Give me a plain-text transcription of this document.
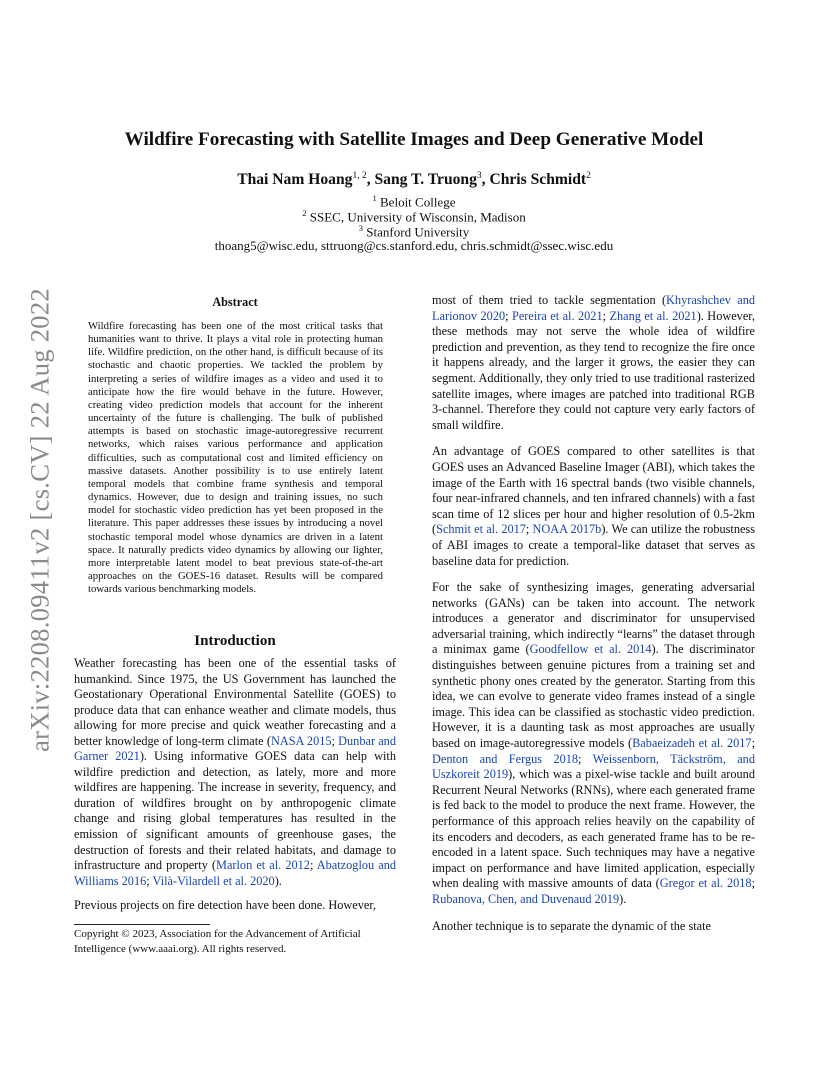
arXiv:2208.09411v2 [cs.CV] 22 Aug 2022
Wildfire Forecasting with Satellite Images and Deep Generative Model
Thai Nam Hoang$^{1, 2}$, Sang T. Truong$^3$, Chris Schmidt$^2$
$^1$ Beloit College
$^2$ SSEC, University of Wisconsin, Madison
$^3$ Stanford University
thoang5@wisc.edu, sttruong@cs.stanford.edu, chris.schmidt@ssec.wisc.edu
Abstract

Wildfire forecasting has been one of the most critical tasks that humanities want to thrive. It plays a vital role in protecting human life. Wildfire prediction, on the other hand, is difficult because of its stochastic and chaotic properties. We tackled the problem by interpreting a series of wildfire images as a video and used it to anticipate how the fire would behave in the future. However, creating video prediction models that account for the inherent uncertainty of the future is challenging. The bulk of published attempts is based on stochastic image-autoregressive recurrent networks, which raises various performance and application difficulties, such as computational cost and limited efficiency on massive datasets. Another possibility is to use entirely latent temporal models that combine frame synthesis and temporal dynamics. However, due to design and training issues, no such model for stochastic video prediction has yet been proposed in the literature. This paper addresses these issues by introducing a novel stochastic temporal model whose dynamics are driven in a latent space. It naturally predicts video dynamics by allowing our lighter, more interpretable latent model to beat previous state-of-the-art approaches on the GOES-16 dataset. Results will be compared towards various benchmarking models.

Introduction

Weather forecasting has been one of the essential tasks of humankind. Since 1975, the US Government has launched the Geostationary Operational Environmental Satellite (GOES) to produce data that can enhance weather and climate models, thus allowing for more precise and quick weather forecasting and a better knowledge of long-term climate (NASA 2015; Dunbar and Garner 2021). Using informative GOES data can help with wildfire prediction and detection, as lately, more and more wildfires are happening. The increase in severity, frequency, and duration of wildfires brought on by anthropogenic climate change and rising global temperatures has resulted in the emission of significant amounts of greenhouse gases, the destruction of forests and their related habitats, and damage to infrastructure and property (Marlon et al. 2012; Abatzoglou and Williams 2016; Vilà-Vilardell et al. 2020).

Previous projects on fire detection have been done. However,

Copyright © 2023, Association for the Advancement of Artificial Intelligence (www.aaai.org). All rights reserved.

most of them tried to tackle segmentation (Khyrashchev and Larionov 2020; Pereira et al. 2021; Zhang et al. 2021). However, these methods may not serve the whole idea of wildfire prediction and prevention, as they tend to recognize the fire once it happens already, and the larger it grows, the easier they can segment. Additionally, they only tried to use traditional rasterized satellite images, where images are patched into traditional RGB 3-channel. Therefore they could not capture very early factors of small wildfire.

An advantage of GOES compared to other satellites is that GOES uses an Advanced Baseline Imager (ABI), which takes the image of the Earth with 16 spectral bands (two visible channels, four near-infrared channels, and ten infrared channels) with a fast scan time of 12 slices per hour and higher resolution of 0.5-2km (Schmit et al. 2017; NOAA 2017b). We can utilize the robustness of ABI images to create a temporal-like dataset that serves as baseline data for prediction.

For the sake of synthesizing images, generating adversarial networks (GANs) can be taken into account. The network introduces a generator and discriminator for unsupervised adversarial training, which indirectly “learns” the dataset through a minimax game (Goodfellow et al. 2014). The discriminator distinguishes between genuine pictures from a training set and synthetic phony ones created by the generator. Starting from this idea, we can evolve to generate video frames instead of a single image. This idea can be classified as stochastic video prediction. However, it is a daunting task as most approaches are usually based on image-autoregressive models (Babaeizadeh et al. 2017; Denton and Fergus 2018; Weissenborn, Täckström, and Uszkoreit 2019), which was a pixel-wise tackle and built around Recurrent Neural Networks (RNNs), where each generated frame is fed back to the model to produce the next frame. However, the performance of this approach relies heavily on the capability of its encoders and decoders, as each generated frame has to be re-encoded in a latent space. Such techniques may have a negative impact on performance and have limited application, especially when dealing with massive amounts of data (Gregor et al. 2018; Rubanova, Chen, and Duvenaud 2019).

Another technique is to separate the dynamic of the state
